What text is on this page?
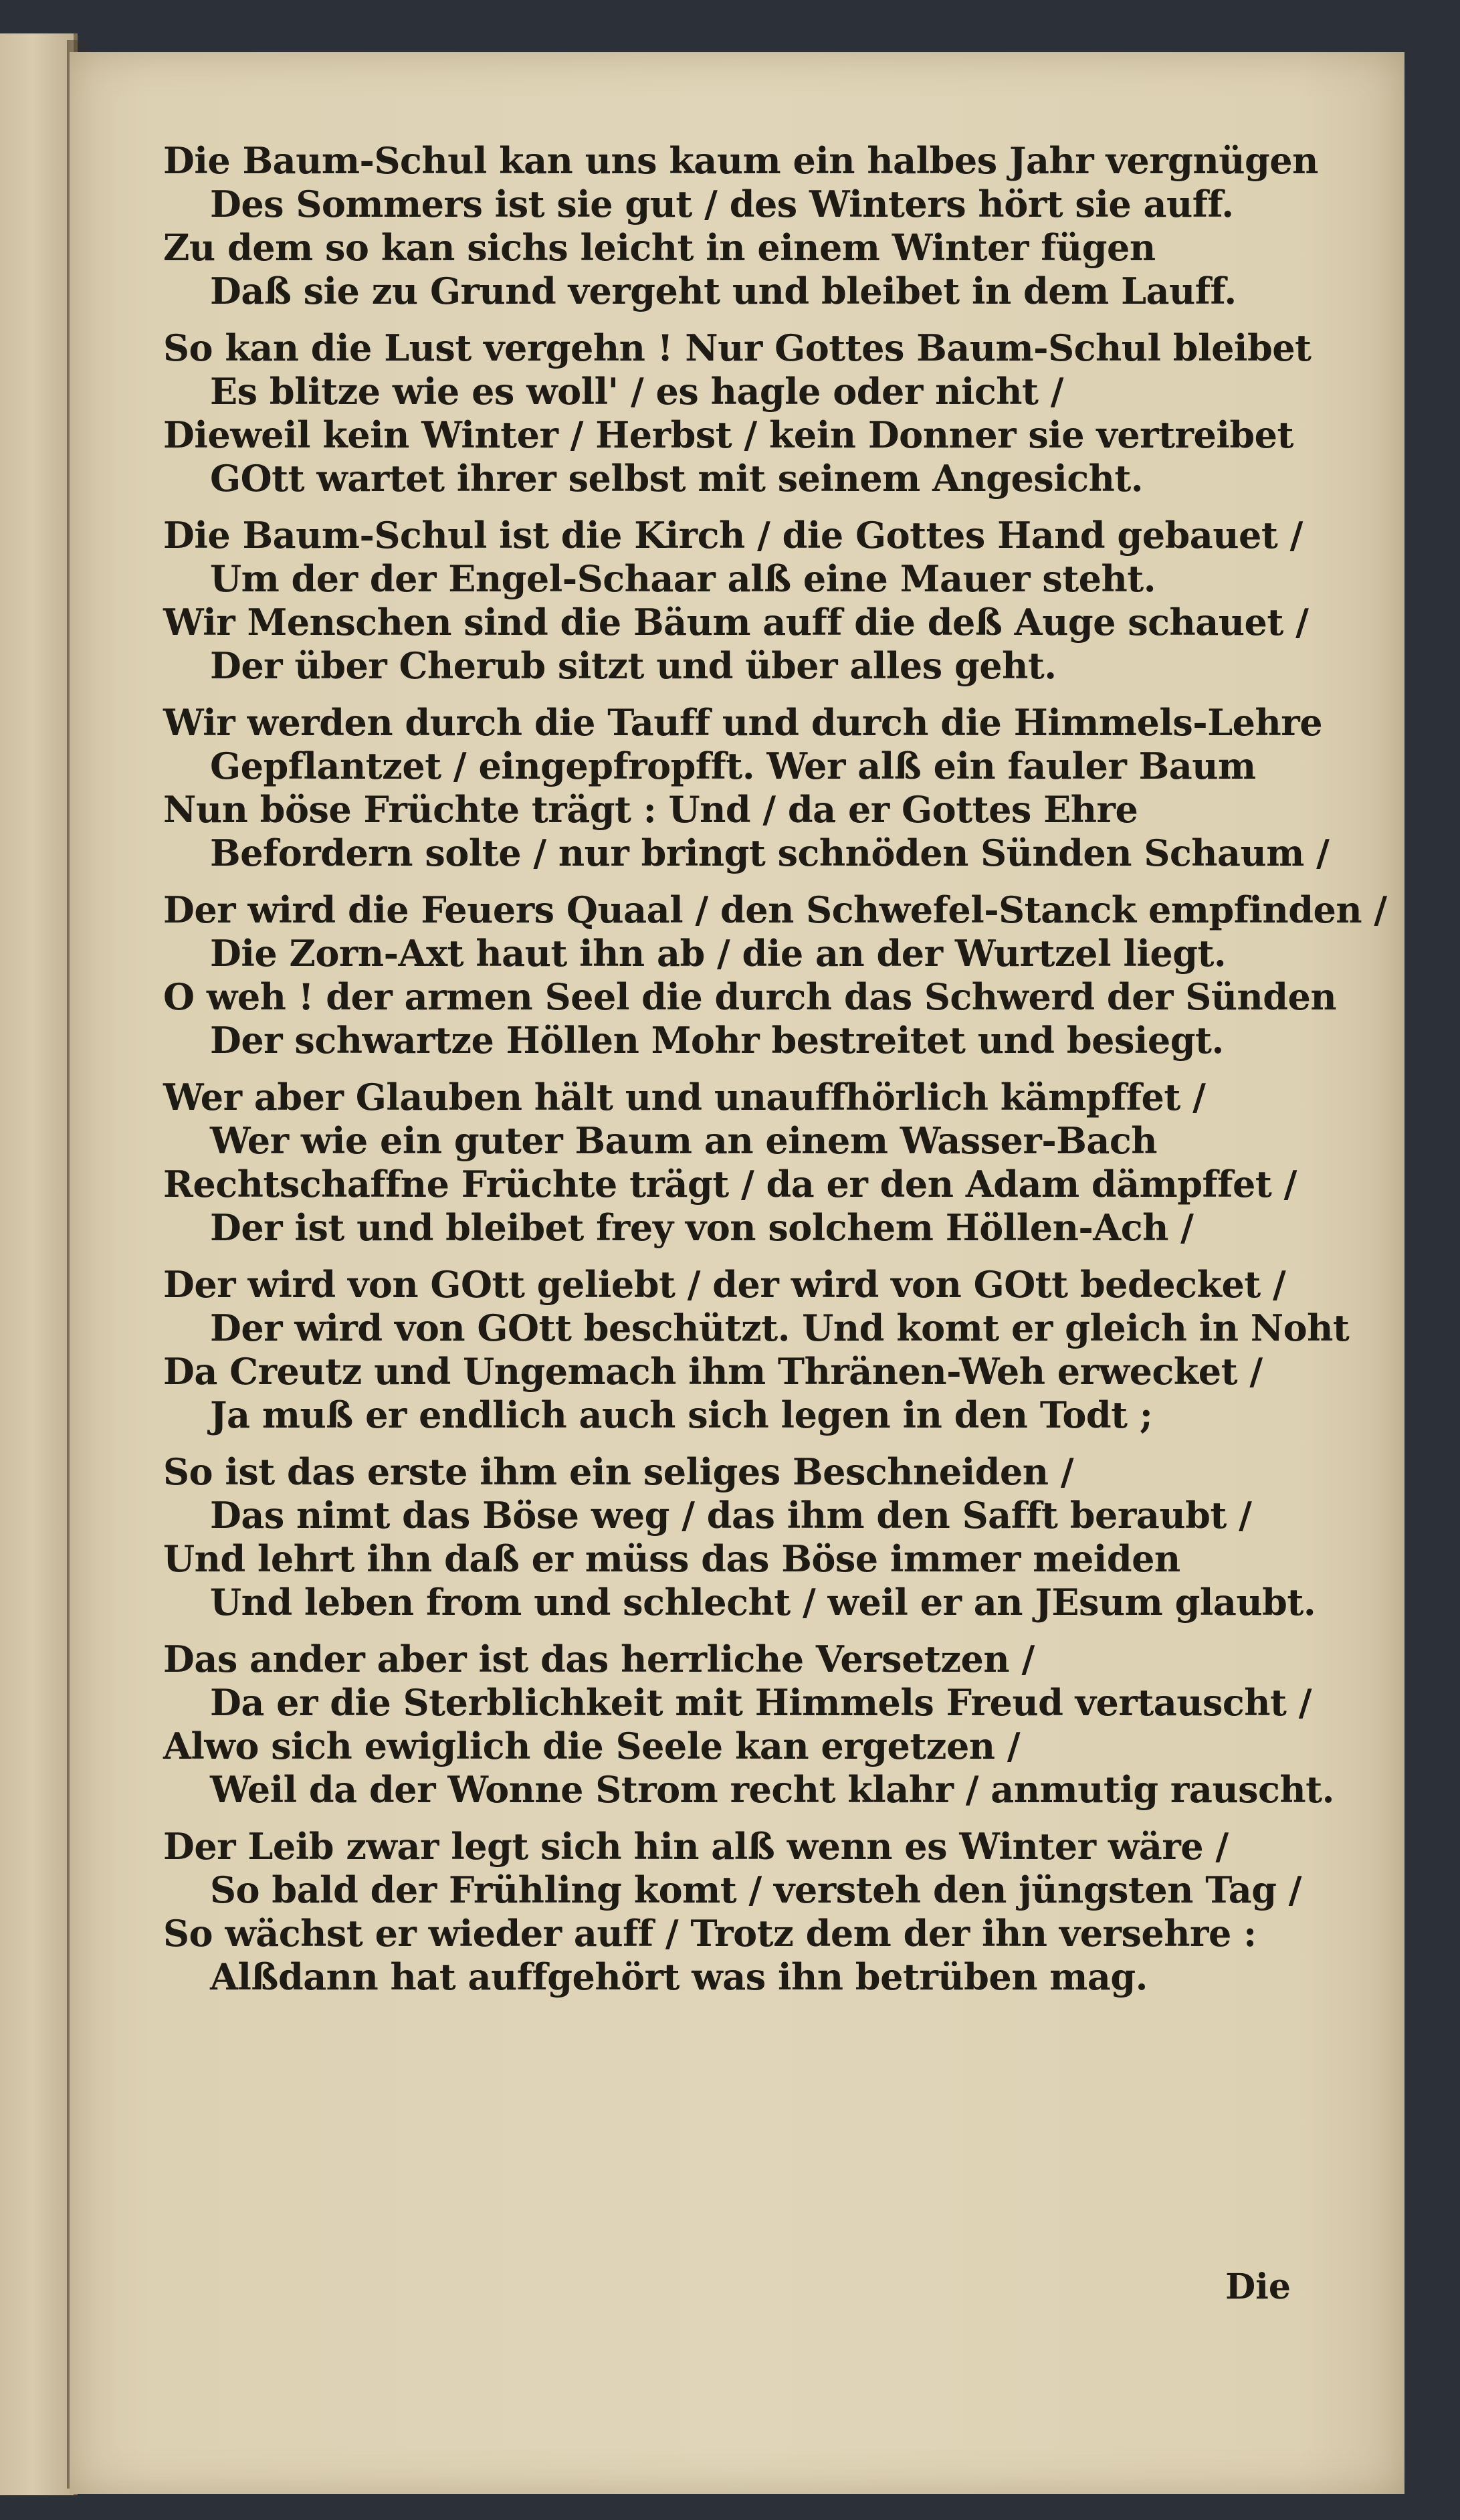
Die Baum-Schul kan uns kaum ein halbes Jahr vergnügen
Des Sommers ist sie gut / des Winters hört sie auff.
Zu dem so kan sichs leicht in einem Winter fügen
Daß sie zu Grund vergeht und bleibet in dem Lauff.
So kan die Lust vergehn ! Nur Gottes Baum-Schul bleibet
Es blitze wie es woll' / es hagle oder nicht /
Dieweil kein Winter / Herbst / kein Donner sie vertreibet
GOtt wartet ihrer selbst mit seinem Angesicht.
Die Baum-Schul ist die Kirch / die Gottes Hand gebauet /
Um der der Engel-Schaar alß eine Mauer steht.
Wir Menschen sind die Bäum auff die deß Auge schauet /
Der über Cherub sitzt und über alles geht.
Wir werden durch die Tauff und durch die Himmels-Lehre
Gepflantzet / eingepfropfft. Wer alß ein fauler Baum
Nun böse Früchte trägt : Und / da er Gottes Ehre
Befordern solte / nur bringt schnöden Sünden Schaum /
Der wird die Feuers Quaal / den Schwefel-Stanck empfinden /
Die Zorn-Axt haut ihn ab / die an der Wurtzel liegt.
O weh ! der armen Seel die durch das Schwerd der Sünden
Der schwartze Höllen Mohr bestreitet und besiegt.
Wer aber Glauben hält und unauffhörlich kämpffet /
Wer wie ein guter Baum an einem Wasser-Bach
Rechtschaffne Früchte trägt / da er den Adam dämpffet /
Der ist und bleibet frey von solchem Höllen-Ach /
Der wird von GOtt geliebt / der wird von GOtt bedecket /
Der wird von GOtt beschützt. Und komt er gleich in Noht
Da Creutz und Ungemach ihm Thränen-Weh erwecket /
Ja muß er endlich auch sich legen in den Todt ;
So ist das erste ihm ein seliges Beschneiden /
Das nimt das Böse weg / das ihm den Safft beraubt /
Und lehrt ihn daß er müss das Böse immer meiden
Und leben from und schlecht / weil er an JEsum glaubt.
Das ander aber ist das herrliche Versetzen /
Da er die Sterblichkeit mit Himmels Freud vertauscht /
Alwo sich ewiglich die Seele kan ergetzen /
Weil da der Wonne Strom recht klahr / anmutig rauscht.
Der Leib zwar legt sich hin alß wenn es Winter wäre /
So bald der Frühling komt / versteh den jüngsten Tag /
So wächst er wieder auff / Trotz dem der ihn versehre :
Alßdann hat auffgehört was ihn betrüben mag.
Die
